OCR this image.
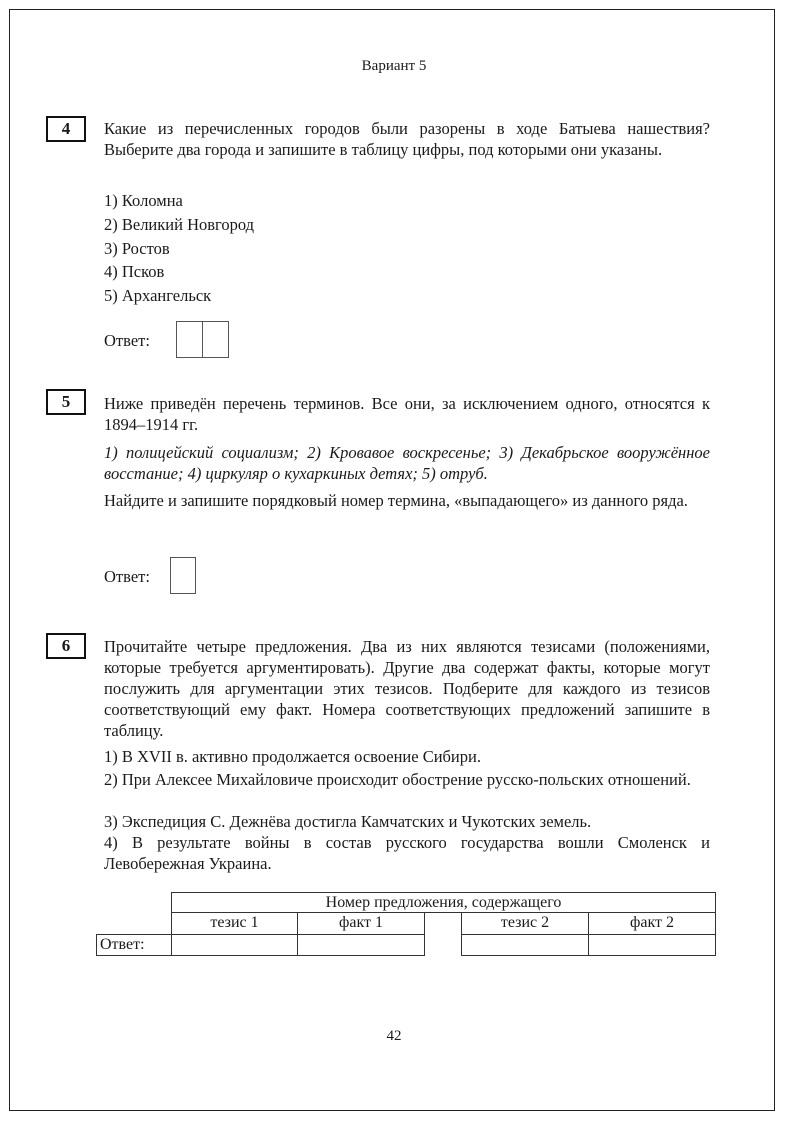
Вариант 5
4	Какие из перечисленных городов были разорены в ходе Батыева нашествия? Выберите два города и запишите в таблицу цифры, под которыми они указаны.
1) Коломна
2) Великий Новгород
3) Ростов
4) Псков
5) Архангельск
Ответ:
5	Ниже приведён перечень терминов. Все они, за исключением одного, относятся к 1894–1914 гг.
1) полицейский социализм; 2) Кровавое воскресенье; 3) Декабрьское вооружённое восстание; 4) циркуляр о кухаркиных детях; 5) отруб.
Найдите и запишите порядковый номер термина, «выпадающего» из данного ряда.
Ответ:
6	Прочитайте четыре предложения. Два из них являются тезисами (положениями, которые требуется аргументировать). Другие два содержат факты, которые могут послужить для аргументации этих тезисов. Подберите для каждого из тезисов соответствующий ему факт. Номера соответствующих предложений запишите в таблицу.
1) В XVII в. активно продолжается освоение Сибири.
2) При Алексее Михайловиче происходит обострение русско-польских отношений.
3) Экспедиция С. Дежнёва достигла Камчатских и Чукотских земель.
4) В результате войны в состав русского государства вошли Смоленск и Левобережная Украина.
Номер предложения, содержащего
тезис 1	факт 1	тезис 2	факт 2
Ответ:
42
